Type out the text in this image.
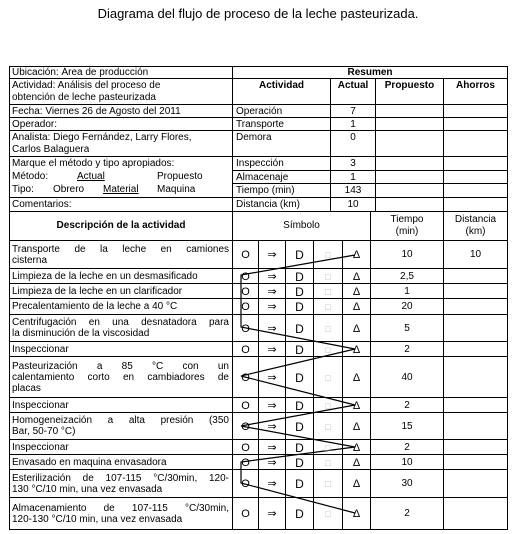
Diagrama del flujo de proceso de la leche pasteurizada.
Ubicación: Área de producción
Actividad: Análisis del proceso de
obtención de leche pasteurizada
Fecha: Viernes 26 de Agosto del 2011
Operador:
Analista: Diego Fernández, Larry Flores,
Carlos Balaguera
Marque el método y tipo apropiados:
Método:	Actual	Propuesto
Tipo: Obrero Material Maquina
Comentarios:
Resumen
Actividad	Actual	Propuesto	Ahorros
Operación	7
Transporte	1
Demora	0
Inspección	3
Almacenaje	1
Tiempo (min)	143
Distancia (km)	10
Descripción de la actividad	Símbolo
Tiempo
(min)
Distancia
(km)
Transporte de la leche en camiones
cisterna	O	⇒	D	□	Δ	10	10
Limpieza de la leche en un desmasificado	O	⇒	D	□	Δ	2,5
Limpieza de la leche en un clarificador	O	⇒	D	□	Δ	1
Precalentamiento de la leche a 40 °C	O	⇒	D	□	Δ	20
Centrifugación en una desnatadora para
la disminución de la viscosidad	O	⇒	D	□	Δ	5
Inspeccionar	O	⇒	D	□	Δ	2
Pasteurización a 85 °C con un
calentamiento corto en cambiadores de
placas
O	⇒	D	□	Δ	40
Inspeccionar	O	⇒	D	□	Δ	2
Homogeneización a alta presión (350
Bar, 50-70 °C)	O	⇒	D	□	Δ	15
Inspeccionar	O	⇒	D	□	Δ	2
Envasado en maquina envasadora	O	⇒	D	□	Δ	10
Esterilización de 107-115 °C/30min, 120-
130 °C/10 min, una vez envasada	O	⇒	D	□	Δ	30
Almacenamiento de 107-115 °C/30min,
120-130 °C/10 min, una vez envasada	O	⇒	D	□	Δ	2
